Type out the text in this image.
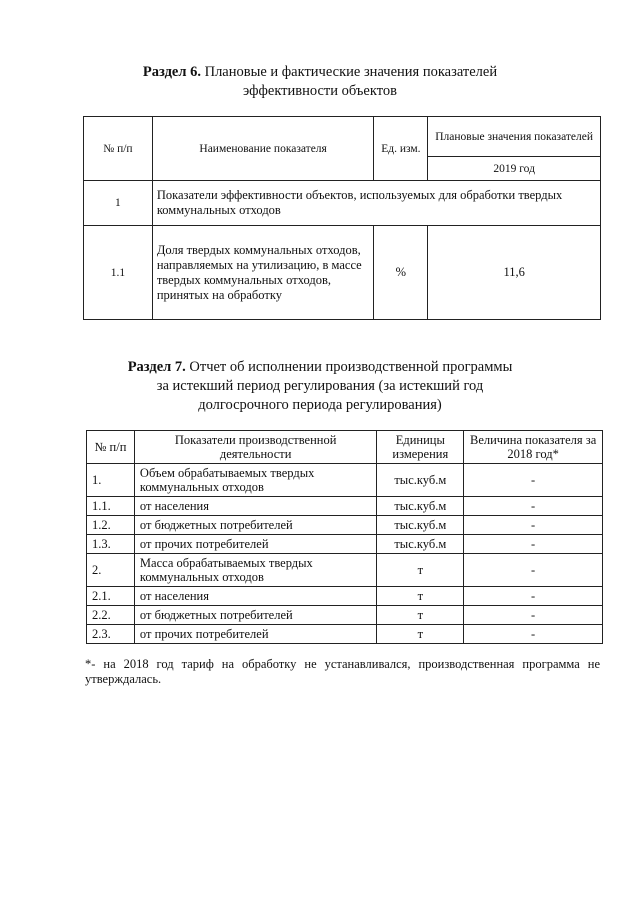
Раздел 6. Плановые и фактические значения показателей
эффективности объектов
№ п/п	Наименование показателя	Ед. изм.	Плановые значения показателей
			2019 год
1	Показатели эффективности объектов, используемых для обработки твердых коммунальных отходов		
1.1	Доля твердых коммунальных отходов, направляемых на утилизацию, в массе твердых коммунальных отходов, принятых на обработку	%	11,6
Раздел 7. Отчет об исполнении производственной программы
за истекший период регулирования (за истекший год
долгосрочного периода регулирования)
№ п/п	Показатели производственной деятельности	Единицы измерения	Величина показателя за 2018 год*
1.	Объем обрабатываемых твердых коммунальных отходов	тыс.куб.м	-
1.1.	от населения	тыс.куб.м	-
1.2.	от бюджетных потребителей	тыс.куб.м	-
1.3.	от прочих потребителей	тыс.куб.м	-
2.	Масса обрабатываемых твердых коммунальных отходов	т	-
2.1.	от населения	т	-
2.2.	от бюджетных потребителей	т	-
2.3.	от прочих потребителей	т	-
*- на 2018 год тариф на обработку не устанавливался, производственная программа не утверждалась.
